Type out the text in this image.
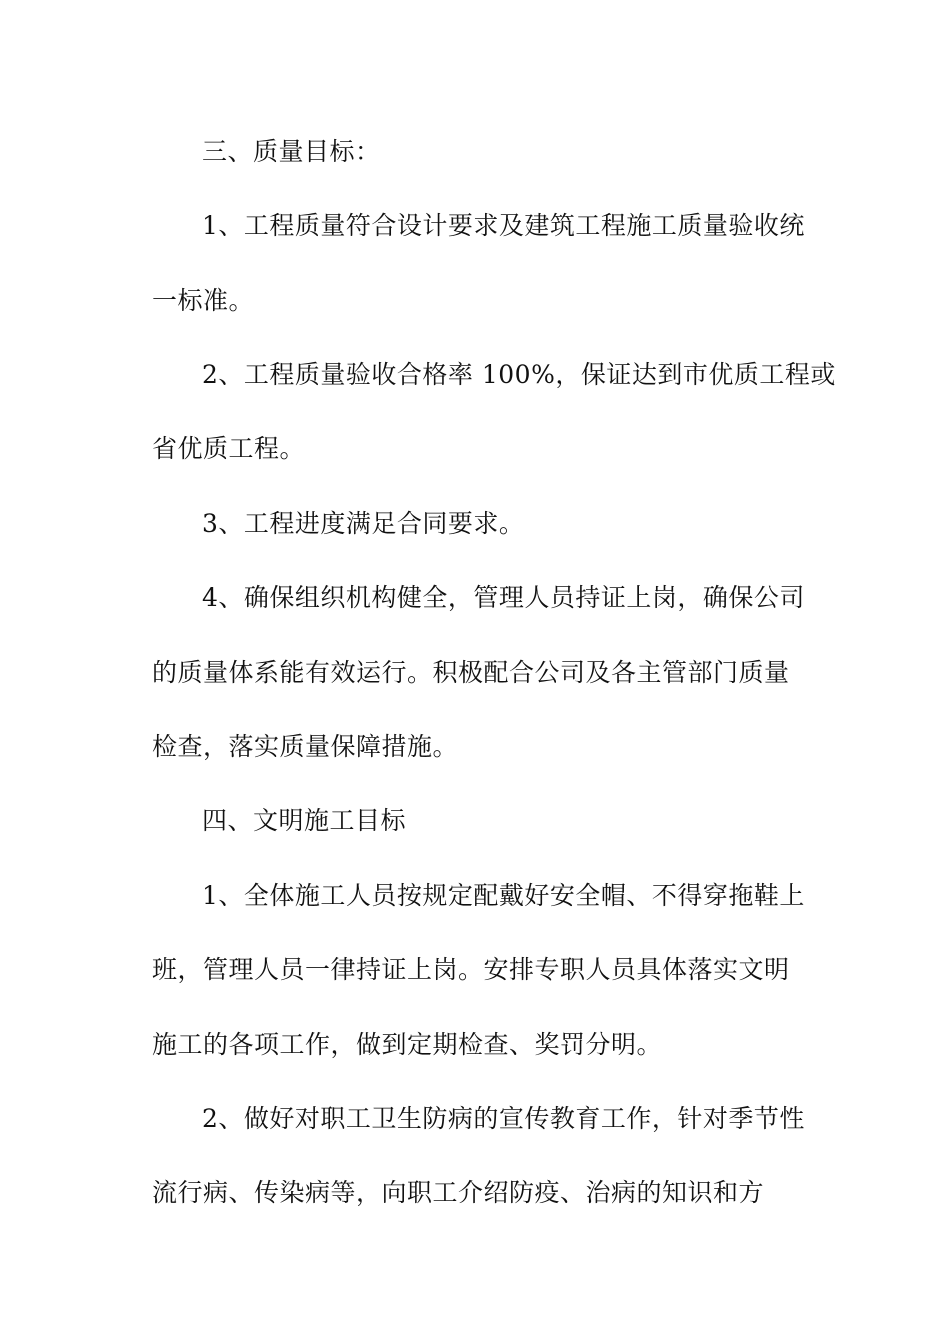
三、质量目标：
1、工程质量符合设计要求及建筑工程施工质量验收统
一标准。
2、工程质量验收合格率 100%，保证达到市优质工程或
省优质工程。
3、工程进度满足合同要求。
4、确保组织机构健全，管理人员持证上岗，确保公司
的质量体系能有效运行。积极配合公司及各主管部门质量
检查，落实质量保障措施。
四、文明施工目标
1、全体施工人员按规定配戴好安全帽、不得穿拖鞋上
班，管理人员一律持证上岗。安排专职人员具体落实文明
施工的各项工作，做到定期检查、奖罚分明。
2、做好对职工卫生防病的宣传教育工作，针对季节性
流行病、传染病等，向职工介绍防疫、治病的知识和方
